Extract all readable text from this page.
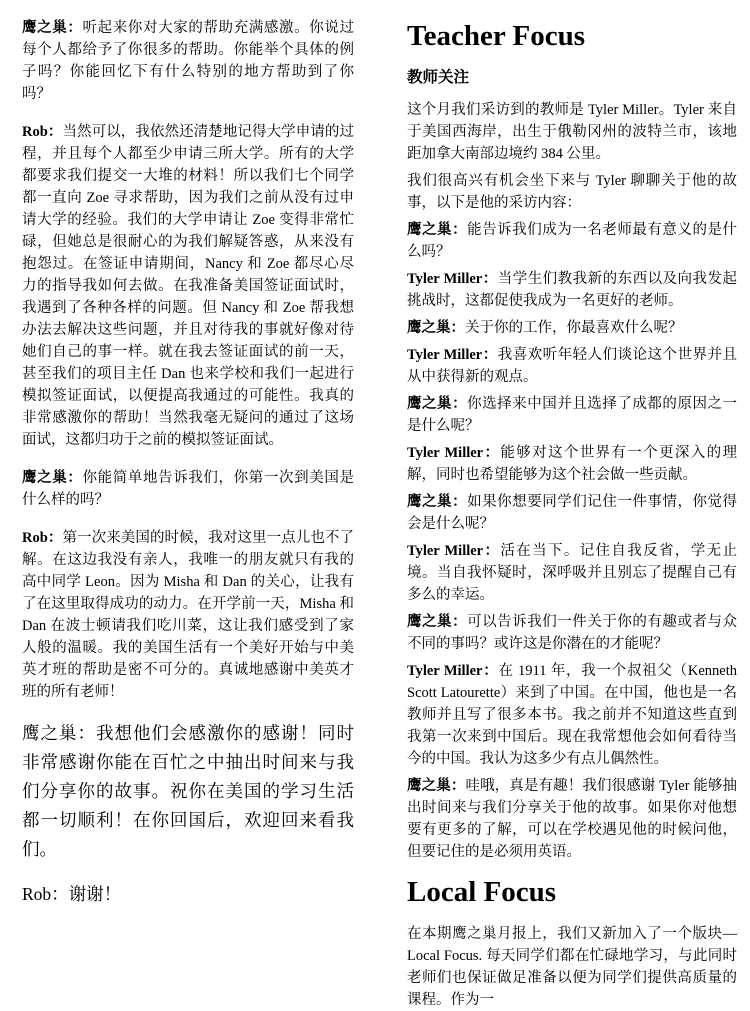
鹰之巢：听起来你对大家的帮助充满感激。你说过每个人都给予了你很多的帮助。你能举个具体的例子吗？你能回忆下有什么特别的地方帮助到了你吗？

Rob：当然可以，我依然还清楚地记得大学申请的过程，并且每个人都至少申请三所大学。所有的大学都要求我们提交一大堆的材料！所以我们七个同学都一直向 Zoe 寻求帮助，因为我们之前从没有过申请大学的经验。我们的大学申请让 Zoe 变得非常忙碌，但她总是很耐心的为我们解疑答惑，从来没有抱怨过。在签证申请期间，Nancy 和 Zoe 都尽心尽力的指导我如何去做。在我准备美国签证面试时，我遇到了各种各样的问题。但 Nancy 和 Zoe 帮我想办法去解决这些问题，并且对待我的事就好像对待她们自己的事一样。就在我去签证面试的前一天，甚至我们的项目主任 Dan 也来学校和我们一起进行模拟签证面试，以便提高我通过的可能性。我真的非常感激你的帮助！当然我毫无疑问的通过了这场面试，这都归功于之前的模拟签证面试。

鹰之巢：你能简单地告诉我们，你第一次到美国是什么样的吗？

Rob：第一次来美国的时候，我对这里一点儿也不了解。在这边我没有亲人，我唯一的朋友就只有我的高中同学 Leon。因为 Misha 和 Dan 的关心，让我有了在这里取得成功的动力。在开学前一天，Misha 和 Dan 在波士顿请我们吃川菜，这让我们感受到了家人般的温暖。我的美国生活有一个美好开始与中美英才班的帮助是密不可分的。真诚地感谢中美英才班的所有老师！

鹰之巢：我想他们会感激你的感谢！同时非常感谢你能在百忙之中抽出时间来与我们分享你的故事。祝你在美国的学习生活都一切顺利！在你回国后，欢迎回来看我们。

Rob：谢谢！

Teacher Focus
教师关注

这个月我们采访到的教师是 Tyler Miller。Tyler 来自于美国西海岸，出生于俄勒冈州的波特兰市，该地距加拿大南部边境约 384 公里。

我们很高兴有机会坐下来与 Tyler 聊聊关于他的故事，以下是他的采访内容：

鹰之巢：能告诉我们成为一名老师最有意义的是什么吗？

Tyler Miller：当学生们教我新的东西以及向我发起挑战时，这都促使我成为一名更好的老师。

鹰之巢：关于你的工作，你最喜欢什么呢？

Tyler Miller：我喜欢听年轻人们谈论这个世界并且从中获得新的观点。

鹰之巢：你选择来中国并且选择了成都的原因之一是什么呢？

Tyler Miller：能够对这个世界有一个更深入的理解，同时也希望能够为这个社会做一些贡献。

鹰之巢：如果你想要同学们记住一件事情，你觉得会是什么呢？

Tyler Miller：活在当下。记住自我反省，学无止境。当自我怀疑时，深呼吸并且别忘了提醒自己有多么的幸运。

鹰之巢：可以告诉我们一件关于你的有趣或者与众不同的事吗？或许这是你潜在的才能呢？

Tyler Miller：在 1911 年，我一个叔祖父（Kenneth Scott Latourette）来到了中国。在中国，他也是一名教师并且写了很多本书。我之前并不知道这些直到我第一次来到中国后。现在我常想他会如何看待当今的中国。我认为这多少有点儿偶然性。

鹰之巢：哇哦，真是有趣！我们很感谢 Tyler 能够抽出时间来与我们分享关于他的故事。如果你对他想要有更多的了解，可以在学校遇见他的时候问他，但要记住的是必须用英语。

Local Focus

在本期鹰之巢月报上，我们又新加入了一个版块—Local Focus. 每天同学们都在忙碌地学习，与此同时老师们也保证做足准备以便为同学们提供高质量的课程。作为一
